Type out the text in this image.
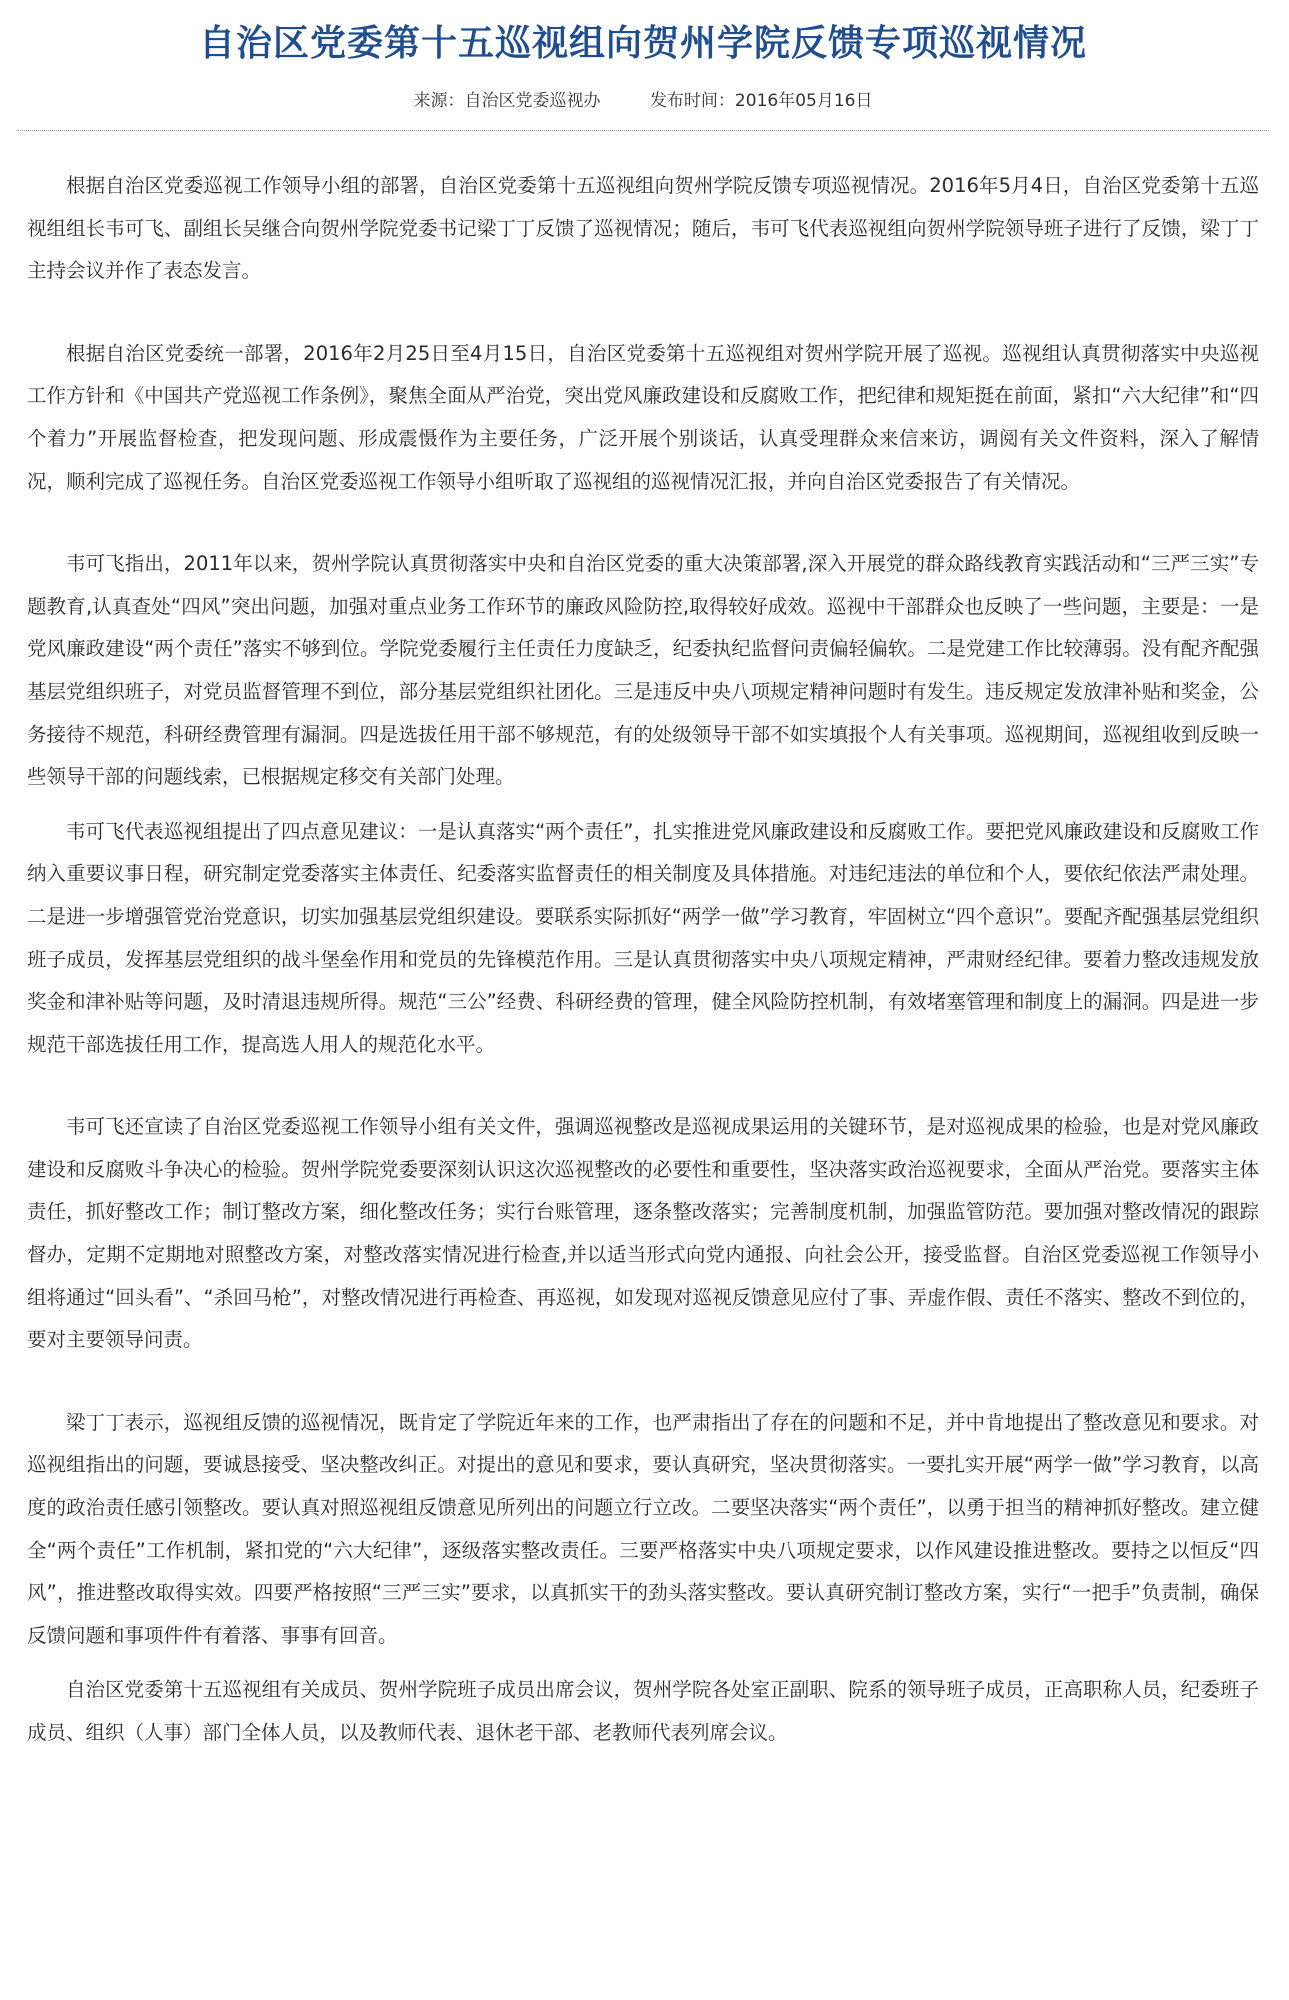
自治区党委第十五巡视组向贺州学院反馈专项巡视情况
来源：自治区党委巡视办	发布时间：2016年05月16日

根据自治区党委巡视工作领导小组的部署，自治区党委第十五巡视组向贺州学院反馈专项巡视情况。2016年5月4日，自治区党委第十五巡视组组长韦可飞、副组长吴继合向贺州学院党委书记梁丁丁反馈了巡视情况；随后，韦可飞代表巡视组向贺州学院领导班子进行了反馈，梁丁丁主持会议并作了表态发言。

根据自治区党委统一部署，2016年2月25日至4月15日，自治区党委第十五巡视组对贺州学院开展了巡视。巡视组认真贯彻落实中央巡视工作方针和《中国共产党巡视工作条例》，聚焦全面从严治党，突出党风廉政建设和反腐败工作，把纪律和规矩挺在前面，紧扣“六大纪律”和“四个着力”开展监督检查，把发现问题、形成震慑作为主要任务，广泛开展个别谈话，认真受理群众来信来访，调阅有关文件资料，深入了解情况，顺利完成了巡视任务。自治区党委巡视工作领导小组听取了巡视组的巡视情况汇报，并向自治区党委报告了有关情况。

韦可飞指出，2011年以来，贺州学院认真贯彻落实中央和自治区党委的重大决策部署,深入开展党的群众路线教育实践活动和“三严三实”专题教育,认真查处“四风”突出问题，加强对重点业务工作环节的廉政风险防控,取得较好成效。巡视中干部群众也反映了一些问题，主要是：一是党风廉政建设“两个责任”落实不够到位。学院党委履行主任责任力度缺乏，纪委执纪监督问责偏轻偏软。二是党建工作比较薄弱。没有配齐配强基层党组织班子，对党员监督管理不到位，部分基层党组织社团化。三是违反中央八项规定精神问题时有发生。违反规定发放津补贴和奖金，公务接待不规范，科研经费管理有漏洞。四是选拔任用干部不够规范，有的处级领导干部不如实填报个人有关事项。巡视期间，巡视组收到反映一些领导干部的问题线索，已根据规定移交有关部门处理。

韦可飞代表巡视组提出了四点意见建议：一是认真落实“两个责任”，扎实推进党风廉政建设和反腐败工作。要把党风廉政建设和反腐败工作纳入重要议事日程，研究制定党委落实主体责任、纪委落实监督责任的相关制度及具体措施。对违纪违法的单位和个人，要依纪依法严肃处理。二是进一步增强管党治党意识，切实加强基层党组织建设。要联系实际抓好“两学一做”学习教育，牢固树立“四个意识”。要配齐配强基层党组织班子成员，发挥基层党组织的战斗堡垒作用和党员的先锋模范作用。三是认真贯彻落实中央八项规定精神，严肃财经纪律。要着力整改违规发放奖金和津补贴等问题，及时清退违规所得。规范“三公”经费、科研经费的管理，健全风险防控机制，有效堵塞管理和制度上的漏洞。四是进一步规范干部选拔任用工作，提高选人用人的规范化水平。

韦可飞还宣读了自治区党委巡视工作领导小组有关文件，强调巡视整改是巡视成果运用的关键环节，是对巡视成果的检验，也是对党风廉政建设和反腐败斗争决心的检验。贺州学院党委要深刻认识这次巡视整改的必要性和重要性，坚决落实政治巡视要求，全面从严治党。要落实主体责任，抓好整改工作；制订整改方案，细化整改任务；实行台账管理，逐条整改落实；完善制度机制，加强监管防范。要加强对整改情况的跟踪督办，定期不定期地对照整改方案，对整改落实情况进行检查,并以适当形式向党内通报、向社会公开，接受监督。自治区党委巡视工作领导小组将通过“回头看”、“杀回马枪”，对整改情况进行再检查、再巡视，如发现对巡视反馈意见应付了事、弄虚作假、责任不落实、整改不到位的，要对主要领导问责。

梁丁丁表示，巡视组反馈的巡视情况，既肯定了学院近年来的工作，也严肃指出了存在的问题和不足，并中肯地提出了整改意见和要求。对巡视组指出的问题，要诚恳接受、坚决整改纠正。对提出的意见和要求，要认真研究，坚决贯彻落实。一要扎实开展“两学一做”学习教育，以高度的政治责任感引领整改。要认真对照巡视组反馈意见所列出的问题立行立改。二要坚决落实“两个责任”，以勇于担当的精神抓好整改。建立健全“两个责任”工作机制，紧扣党的“六大纪律”，逐级落实整改责任。三要严格落实中央八项规定要求，以作风建设推进整改。要持之以恒反“四风”，推进整改取得实效。四要严格按照“三严三实”要求，以真抓实干的劲头落实整改。要认真研究制订整改方案，实行“一把手”负责制，确保反馈问题和事项件件有着落、事事有回音。

自治区党委第十五巡视组有关成员、贺州学院班子成员出席会议，贺州学院各处室正副职、院系的领导班子成员，正高职称人员，纪委班子成员、组织（人事）部门全体人员，以及教师代表、退休老干部、老教师代表列席会议。
